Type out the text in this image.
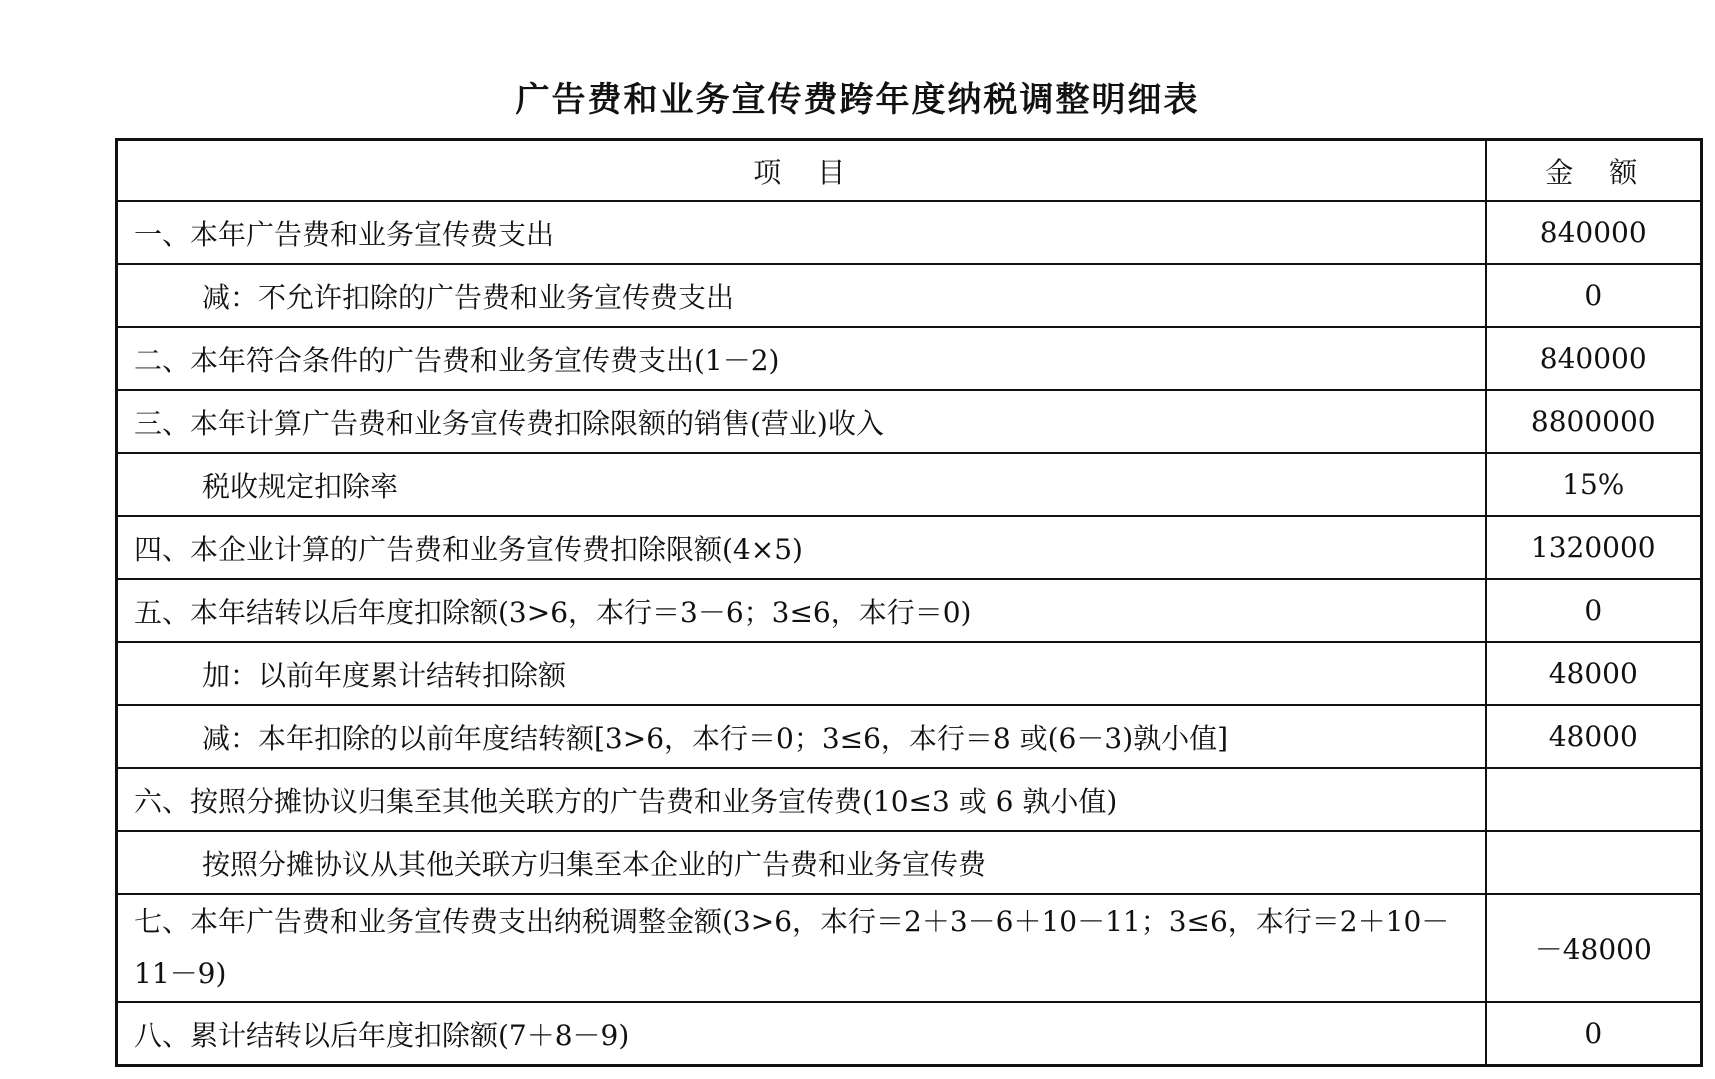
广告费和业务宣传费跨年度纳税调整明细表
项　目	金　额
一、本年广告费和业务宣传费支出	840000
减：不允许扣除的广告费和业务宣传费支出	0
二、本年符合条件的广告费和业务宣传费支出(1－2)	840000
三、本年计算广告费和业务宣传费扣除限额的销售(营业)收入	8800000
税收规定扣除率	15%
四、本企业计算的广告费和业务宣传费扣除限额(4×5)	1320000
五、本年结转以后年度扣除额(3>6，本行＝3－6；3≤6，本行＝0)	0
加：以前年度累计结转扣除额	48000
减：本年扣除的以前年度结转额[3>6，本行＝0；3≤6，本行＝8 或(6－3)孰小值]	48000
六、按照分摊协议归集至其他关联方的广告费和业务宣传费(10≤3 或 6 孰小值)	
按照分摊协议从其他关联方归集至本企业的广告费和业务宣传费	
七、本年广告费和业务宣传费支出纳税调整金额(3>6，本行＝2＋3－6＋10－11；3≤6，本行＝2＋10－11－9)	－48000
八、累计结转以后年度扣除额(7＋8－9)	0
